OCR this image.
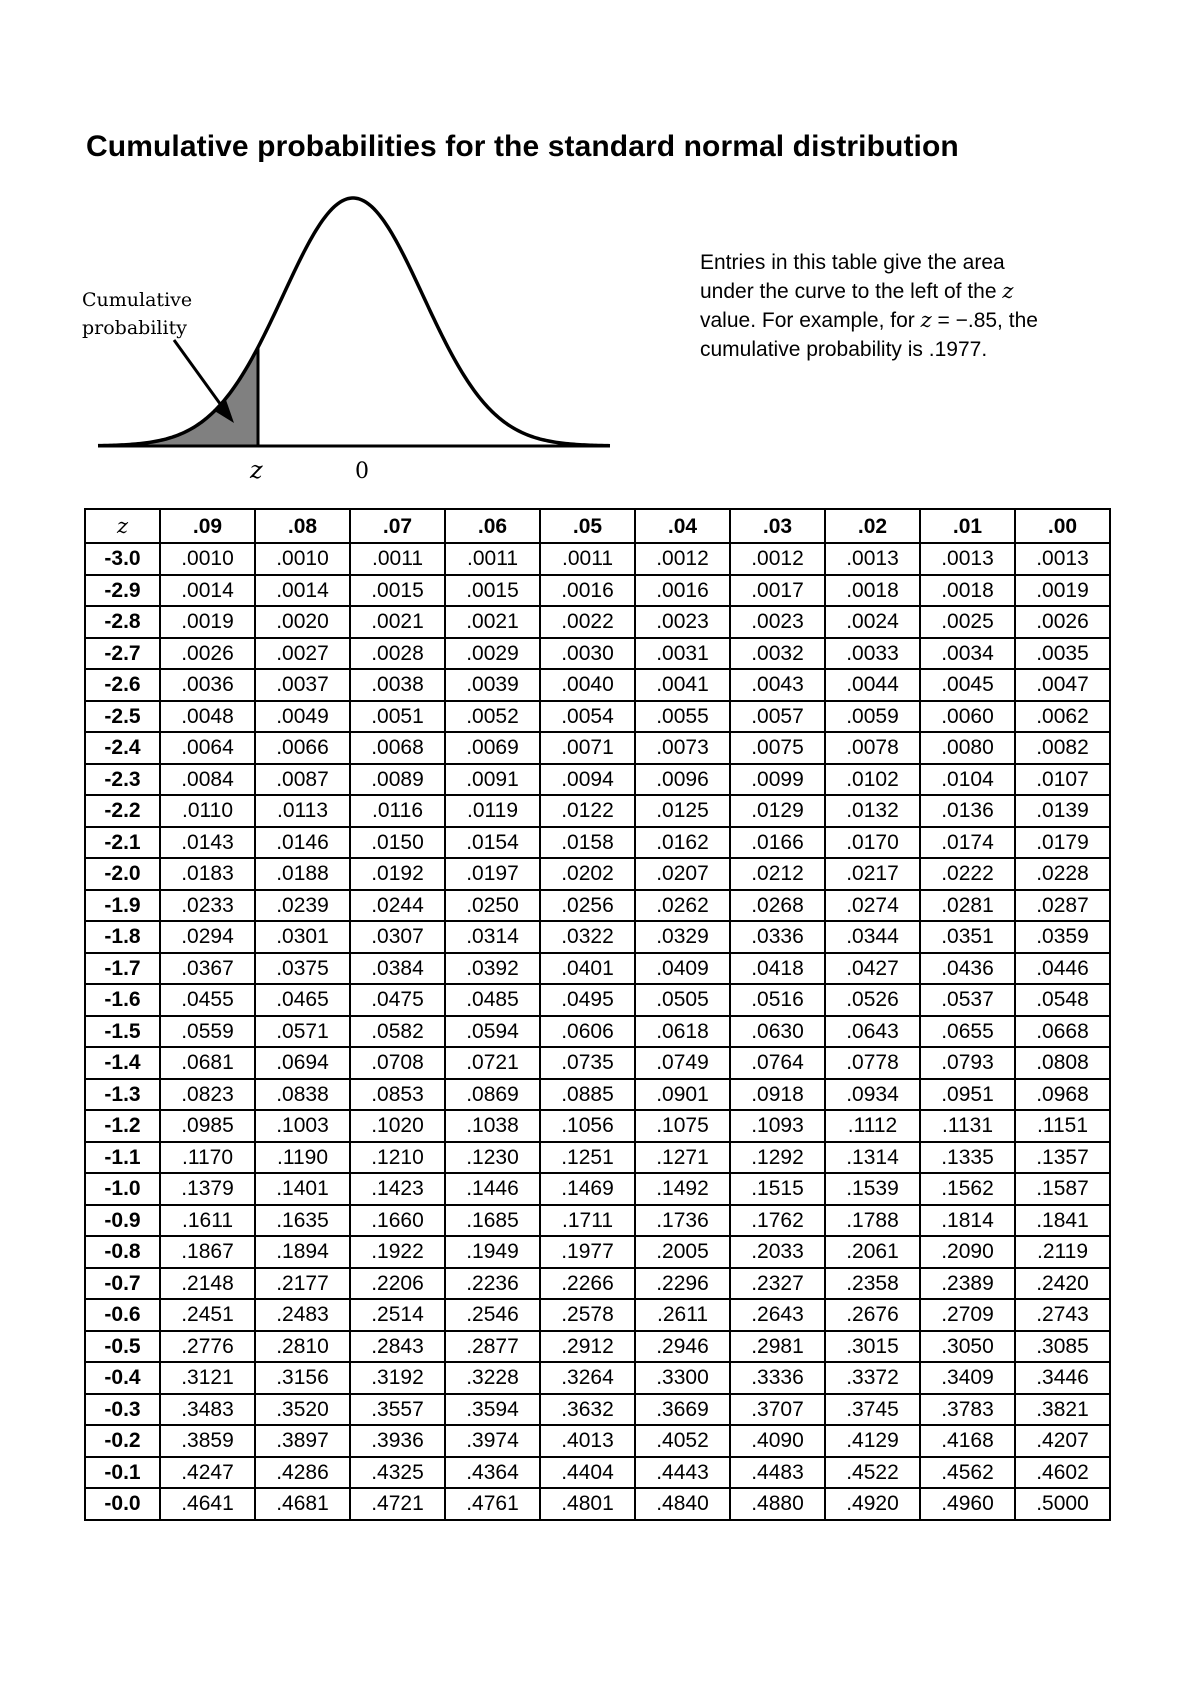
Cumulative probabilities for the standard normal distribution
Cumulative
probability
z	0

Entries in this table give the area under the curve to the left of the z value. For example, for z = −.85, the cumulative probability is .1977.

z	.09	.08	.07	.06	.05	.04	.03	.02	.01	.00
-3.0	.0010	.0010	.0011	.0011	.0011	.0012	.0012	.0013	.0013	.0013
-2.9	.0014	.0014	.0015	.0015	.0016	.0016	.0017	.0018	.0018	.0019
-2.8	.0019	.0020	.0021	.0021	.0022	.0023	.0023	.0024	.0025	.0026
-2.7	.0026	.0027	.0028	.0029	.0030	.0031	.0032	.0033	.0034	.0035
-2.6	.0036	.0037	.0038	.0039	.0040	.0041	.0043	.0044	.0045	.0047
-2.5	.0048	.0049	.0051	.0052	.0054	.0055	.0057	.0059	.0060	.0062
-2.4	.0064	.0066	.0068	.0069	.0071	.0073	.0075	.0078	.0080	.0082
-2.3	.0084	.0087	.0089	.0091	.0094	.0096	.0099	.0102	.0104	.0107
-2.2	.0110	.0113	.0116	.0119	.0122	.0125	.0129	.0132	.0136	.0139
-2.1	.0143	.0146	.0150	.0154	.0158	.0162	.0166	.0170	.0174	.0179
-2.0	.0183	.0188	.0192	.0197	.0202	.0207	.0212	.0217	.0222	.0228
-1.9	.0233	.0239	.0244	.0250	.0256	.0262	.0268	.0274	.0281	.0287
-1.8	.0294	.0301	.0307	.0314	.0322	.0329	.0336	.0344	.0351	.0359
-1.7	.0367	.0375	.0384	.0392	.0401	.0409	.0418	.0427	.0436	.0446
-1.6	.0455	.0465	.0475	.0485	.0495	.0505	.0516	.0526	.0537	.0548
-1.5	.0559	.0571	.0582	.0594	.0606	.0618	.0630	.0643	.0655	.0668
-1.4	.0681	.0694	.0708	.0721	.0735	.0749	.0764	.0778	.0793	.0808
-1.3	.0823	.0838	.0853	.0869	.0885	.0901	.0918	.0934	.0951	.0968
-1.2	.0985	.1003	.1020	.1038	.1056	.1075	.1093	.1112	.1131	.1151
-1.1	.1170	.1190	.1210	.1230	.1251	.1271	.1292	.1314	.1335	.1357
-1.0	.1379	.1401	.1423	.1446	.1469	.1492	.1515	.1539	.1562	.1587
-0.9	.1611	.1635	.1660	.1685	.1711	.1736	.1762	.1788	.1814	.1841
-0.8	.1867	.1894	.1922	.1949	.1977	.2005	.2033	.2061	.2090	.2119
-0.7	.2148	.2177	.2206	.2236	.2266	.2296	.2327	.2358	.2389	.2420
-0.6	.2451	.2483	.2514	.2546	.2578	.2611	.2643	.2676	.2709	.2743
-0.5	.2776	.2810	.2843	.2877	.2912	.2946	.2981	.3015	.3050	.3085
-0.4	.3121	.3156	.3192	.3228	.3264	.3300	.3336	.3372	.3409	.3446
-0.3	.3483	.3520	.3557	.3594	.3632	.3669	.3707	.3745	.3783	.3821
-0.2	.3859	.3897	.3936	.3974	.4013	.4052	.4090	.4129	.4168	.4207
-0.1	.4247	.4286	.4325	.4364	.4404	.4443	.4483	.4522	.4562	.4602
-0.0	.4641	.4681	.4721	.4761	.4801	.4840	.4880	.4920	.4960	.5000
